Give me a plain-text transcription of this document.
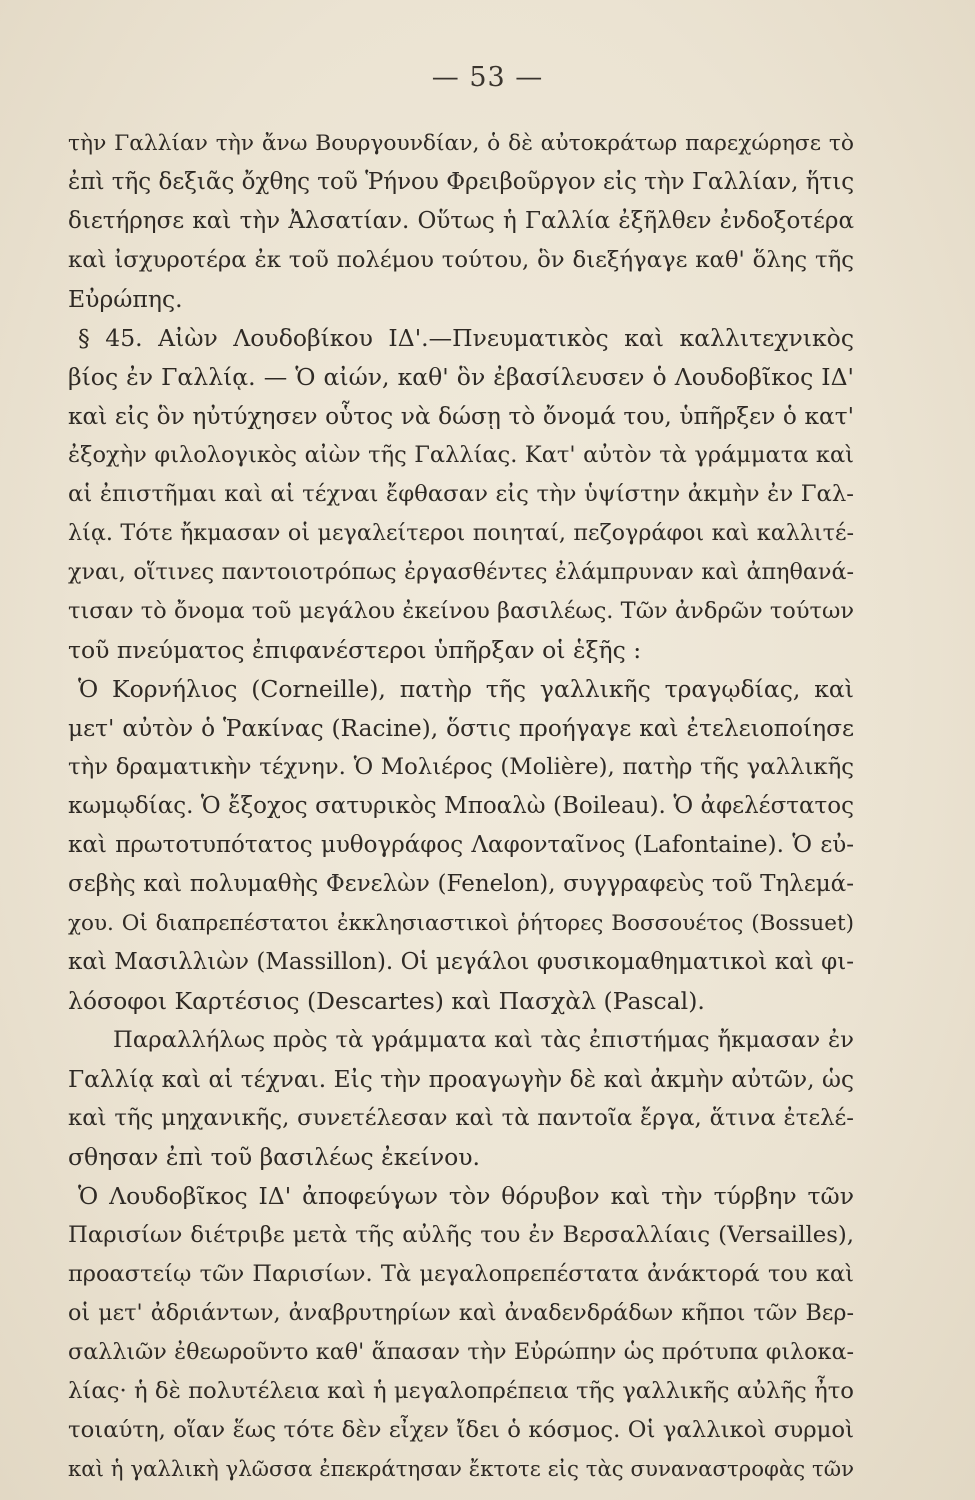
— 53 —
τὴν Γαλλίαν τὴν ἄνω Βουργουνδίαν, ὁ δὲ αὐτοκράτωρ παρεχώρησε τὸ
ἐπὶ τῆς δεξιᾶς ὄχθης τοῦ Ῥήνου Φρειβοῦργον εἰς τὴν Γαλλίαν, ἥτις
διετήρησε καὶ τὴν Ἀλσατίαν. Οὕτως ἡ Γαλλία ἐξῆλθεν ἐνδοξοτέρα
καὶ ἰσχυροτέρα ἐκ τοῦ πολέμου τούτου, ὃν διεξήγαγε καθ' ὅλης τῆς
Εὐρώπης.
§ 45. Αἰὼν Λουδοβίκου ΙΔ'.—Πνευματικὸς καὶ καλλιτεχνικὸς
βίος ἐν Γαλλίᾳ. — Ὁ αἰών, καθ' ὃν ἐβασίλευσεν ὁ Λουδοβῖκος ΙΔ'
καὶ εἰς ὃν ηὐτύχησεν οὗτος νὰ δώσῃ τὸ ὄνομά του, ὑπῆρξεν ὁ κατ'
ἐξοχὴν φιλολογικὸς αἰὼν τῆς Γαλλίας. Κατ' αὐτὸν τὰ γράμματα καὶ
αἱ ἐπιστῆμαι καὶ αἱ τέχναι ἔφθασαν εἰς τὴν ὑψίστην ἀκμὴν ἐν Γαλ-
λίᾳ. Τότε ἤκμασαν οἱ μεγαλείτεροι ποιηταί, πεζογράφοι καὶ καλλιτέ-
χναι, οἵτινες παντοιοτρόπως ἐργασθέντες ἐλάμπρυναν καὶ ἀπηθανά-
τισαν τὸ ὄνομα τοῦ μεγάλου ἐκείνου βασιλέως. Τῶν ἀνδρῶν τούτων
τοῦ πνεύματος ἐπιφανέστεροι ὑπῆρξαν οἱ ἑξῆς :
Ὁ Κορνήλιος (Corneille), πατὴρ τῆς γαλλικῆς τραγῳδίας, καὶ
μετ' αὐτὸν ὁ Ῥακίνας (Racine), ὅστις προήγαγε καὶ ἐτελειοποίησε
τὴν δραματικὴν τέχνην. Ὁ Μολιέρος (Molière), πατὴρ τῆς γαλλικῆς
κωμῳδίας. Ὁ ἔξοχος σατυρικὸς Μποαλὼ (Boileau). Ὁ ἀφελέστατος
καὶ πρωτοτυπότατος μυθογράφος Λαφονταῖνος (Lafontaine). Ὁ εὐ-
σεβὴς καὶ πολυμαθὴς Φενελὼν (Fenelon), συγγραφεὺς τοῦ Τηλεμά-
χου. Οἱ διαπρεπέστατοι ἐκκλησιαστικοὶ ῥήτορες Βοσσουέτος (Bossuet)
καὶ Μασιλλιὼν (Massillon). Οἱ μεγάλοι φυσικομαθηματικοὶ καὶ φι-
λόσοφοι Καρτέσιος (Descartes) καὶ Πασχὰλ (Pascal).
Παραλλήλως πρὸς τὰ γράμματα καὶ τὰς ἐπιστήμας ἤκμασαν ἐν
Γαλλίᾳ καὶ αἱ τέχναι. Εἰς τὴν προαγωγὴν δὲ καὶ ἀκμὴν αὐτῶν, ὡς
καὶ τῆς μηχανικῆς, συνετέλεσαν καὶ τὰ παντοῖα ἔργα, ἅτινα ἐτελέ-
σθησαν ἐπὶ τοῦ βασιλέως ἐκείνου.
Ὁ Λουδοβῖκος ΙΔ' ἀποφεύγων τὸν θόρυβον καὶ τὴν τύρβην τῶν
Παρισίων διέτριβε μετὰ τῆς αὐλῆς του ἐν Βερσαλλίαις (Versailles),
προαστείῳ τῶν Παρισίων. Τὰ μεγαλοπρεπέστατα ἀνάκτορά του καὶ
οἱ μετ' ἀδριάντων, ἀναβρυτηρίων καὶ ἀναδενδράδων κῆποι τῶν Βερ-
σαλλιῶν ἐθεωροῦντο καθ' ἅπασαν τὴν Εὐρώπην ὡς πρότυπα φιλοκα-
λίας· ἡ δὲ πολυτέλεια καὶ ἡ μεγαλοπρέπεια τῆς γαλλικῆς αὐλῆς ἦτο
τοιαύτη, οἵαν ἕως τότε δὲν εἶχεν ἴδει ὁ κόσμος. Οἱ γαλλικοὶ συρμοὶ
καὶ ἡ γαλλικὴ γλῶσσα ἐπεκράτησαν ἔκτοτε εἰς τὰς συναναστροφὰς τῶν
